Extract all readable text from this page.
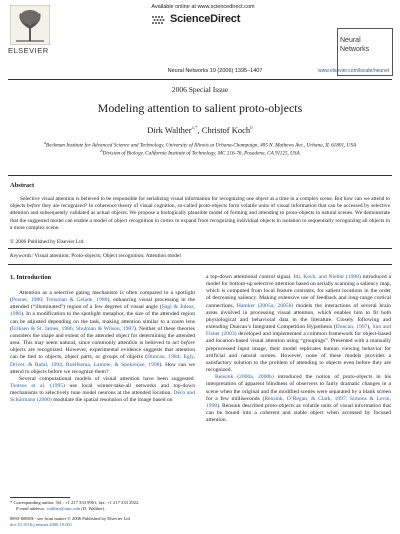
Available online at www.sciencedirect.com
ScienceDirect
ELSEVIER
Neural Networks 19 (2006) 1395–1407
Neural
Networks
www.elsevier.com/locate/neunet
2006 Special Issue
Modeling attention to salient proto-objects
Dirk Walther$^{a,*}$, Christof Koch$^b$
$^a$Beckman Institute for Advanced Science and Technology, University of Illinois at Urbana-Champaign, 405 N. Mathews Ave., Urbana, IL 61801, USA
$^b$Division of Biology, California Institute of Technology, MC 216-76, Pasadena, CA 91125, USA
Abstract

Selective visual attention is believed to be responsible for serializing visual information for recognizing one object at a time in a complex scene. But how can we attend to objects before they are recognized? In coherence theory of visual cognition, so-called proto-objects form volatile units of visual information that can be accessed by selective attention and subsequently validated as actual objects. We propose a biologically plausible model of forming and attending to proto-objects in natural scenes. We demonstrate that the suggested model can enable a model of object recognition in cortex to expand from recognizing individual objects in isolation to sequentially recognizing all objects in a more complex scene.

© 2006 Published by Elsevier Ltd
Keywords: Visual attention; Proto-objects; Object recognition; Attention model
1. Introduction

Attention as a selective gating mechanism is often compared to a spotlight (Posner, 1980; Treisman & Gelade, 1980), enhancing visual processing in the attended (“illuminated”) region of a few degrees of visual angle (Sagi & Julesz, 1986). In a modification to the spotlight metaphor, the size of the attended region can be adjusted depending on the task, making attention similar to a zoom lens (Eriksen & St. James, 1986; Shulman & Wilson, 1987). Neither of these theories considers the shape and extent of the attended object for determining the attended area. This may seem natural, since commonly attention is believed to act before objects are recognized. However, experimental evidence suggests that attention can be tied to objects, object parts, or groups of objects (Duncan, 1984; Egly, Driver, & Rafal, 1994; Roelfsema, Lamme, & Spekreijse, 1998). How can we attend to objects before we recognize them?

Several computational models of visual attention have been suggested. Tsotsos et al. (1995) use local winner-take-all networks and top-down mechanisms to selectively tune model neurons at the attended location. Deco and Schürmann (2000) modulate the spatial resolution of the image based on

a top-down attentional control signal. Itti, Koch, and Niebur (1998) introduced a model for bottom-up selective attention based on serially scanning a saliency map, which is computed from local feature contrasts, for salient locations in the order of decreasing saliency. Making extensive use of feedback and long-range cortical connections, Hamker (2005a, 2005b) models the interactions of several brain areas involved in processing visual attention, which enables him to fit both physiological and behavioral data in the literature. Closely following and extending Duncan’s Integrated Competition Hypothesis (Duncan, 1997), Sun and Fisher (2003) developed and implemented a common framework for object-based and location-based visual attention using “groupings”. Presented with a manually preprocessed input image, their model replicates human viewing behavior for artificial and natural scenes. However, none of these models provides a satisfactory solution to the problem of attending to objects even before they are recognized.

Rensink (2000a, 2000b) introduced the notion of proto-objects in his interpretation of apparent blindness of observers to fairly dramatic changes in a scene when the original and the modified scenes were separated by a blank screen for a few milliseconds (Rensink, O’Regan, & Clark, 1997; Simons & Levin, 1998). Rensink described proto-objects as volatile units of visual information that can be bound into a coherent and stable object when accessed by focused attention.

* Corresponding author. Tel.: +1 217 333 9961; fax: +1 217 333 2922.
E-mail address: walther@uiuc.edu (D. Walther).
0893-6080/$ - see front matter © 2006 Published by Elsevier Ltd
doi:10.1016/j.neunet.2006.10.001
